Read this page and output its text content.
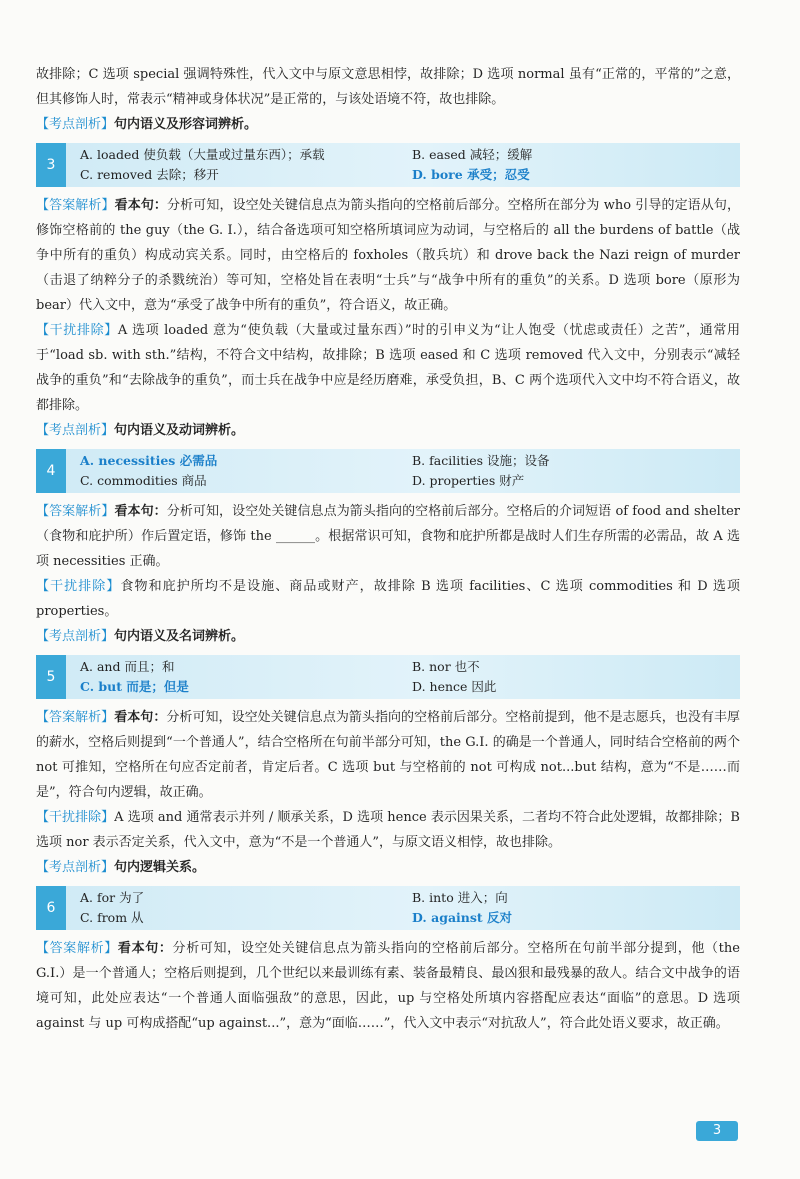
故排除；C 选项 special 强调特殊性，代入文中与原文意思相悖，故排除；D 选项 normal 虽有“正常的，平常的”之意，但其修饰人时，常表示“精神或身体状况”是正常的，与该处语境不符，故也排除。

【考点剖析】句内语义及形容词辨析。

3
A. loaded 使负载（大量或过量东西）；承载	B. eased 减轻；缓解
C. removed 去除；移开	D. bore 承受；忍受

【答案解析】看本句：分析可知，设空处关键信息点为箭头指向的空格前后部分。空格所在部分为 who 引导的定语从句，修饰空格前的 the guy（the G. I.），结合备选项可知空格所填词应为动词，与空格后的 all the burdens of battle（战争中所有的重负）构成动宾关系。同时，由空格后的 foxholes（散兵坑）和 drove back the Nazi reign of murder（击退了纳粹分子的杀戮统治）等可知，空格处旨在表明“士兵”与“战争中所有的重负”的关系。D 选项 bore（原形为 bear）代入文中，意为“承受了战争中所有的重负”，符合语义，故正确。

【干扰排除】A 选项 loaded 意为“使负载（大量或过量东西）”时的引申义为“让人饱受（忧虑或责任）之苦”，通常用于“load sb. with sth.”结构，不符合文中结构，故排除；B 选项 eased 和 C 选项 removed 代入文中，分别表示“减轻战争的重负”和“去除战争的重负”，而士兵在战争中应是经历磨难，承受负担，B、C 两个选项代入文中均不符合语义，故都排除。

【考点剖析】句内语义及动词辨析。

4
A. necessities 必需品	B. facilities 设施；设备
C. commodities 商品	D. properties 财产

【答案解析】看本句：分析可知，设空处关键信息点为箭头指向的空格前后部分。空格后的介词短语 of food and shelter（食物和庇护所）作后置定语，修饰 the ______。根据常识可知，食物和庇护所都是战时人们生存所需的必需品，故 A 选项 necessities 正确。

【干扰排除】食物和庇护所均不是设施、商品或财产，故排除 B 选项 facilities、C 选项 commodities 和 D 选项 properties。

【考点剖析】句内语义及名词辨析。

5
A. and 而且；和	B. nor 也不
C. but 而是；但是	D. hence 因此

【答案解析】看本句：分析可知，设空处关键信息点为箭头指向的空格前后部分。空格前提到，他不是志愿兵，也没有丰厚的薪水，空格后则提到“一个普通人”，结合空格所在句前半部分可知，the G.I. 的确是一个普通人，同时结合空格前的两个 not 可推知，空格所在句应否定前者，肯定后者。C 选项 but 与空格前的 not 可构成 not...but 结构，意为“不是……而是”，符合句内逻辑，故正确。

【干扰排除】A 选项 and 通常表示并列 / 顺承关系，D 选项 hence 表示因果关系，二者均不符合此处逻辑，故都排除；B 选项 nor 表示否定关系，代入文中，意为“不是一个普通人”，与原文语义相悖，故也排除。

【考点剖析】句内逻辑关系。

6
A. for 为了	B. into 进入；向
C. from 从	D. against 反对

【答案解析】看本句：分析可知，设空处关键信息点为箭头指向的空格前后部分。空格所在句前半部分提到，他（the G.I.）是一个普通人；空格后则提到，几个世纪以来最训练有素、装备最精良、最凶狠和最残暴的敌人。结合文中战争的语境可知，此处应表达“一个普通人面临强敌”的意思，因此，up 与空格处所填内容搭配应表达“面临”的意思。D 选项 against 与 up 可构成搭配“up against...”，意为“面临……”，代入文中表示“对抗敌人”，符合此处语义要求，故正确。

3
